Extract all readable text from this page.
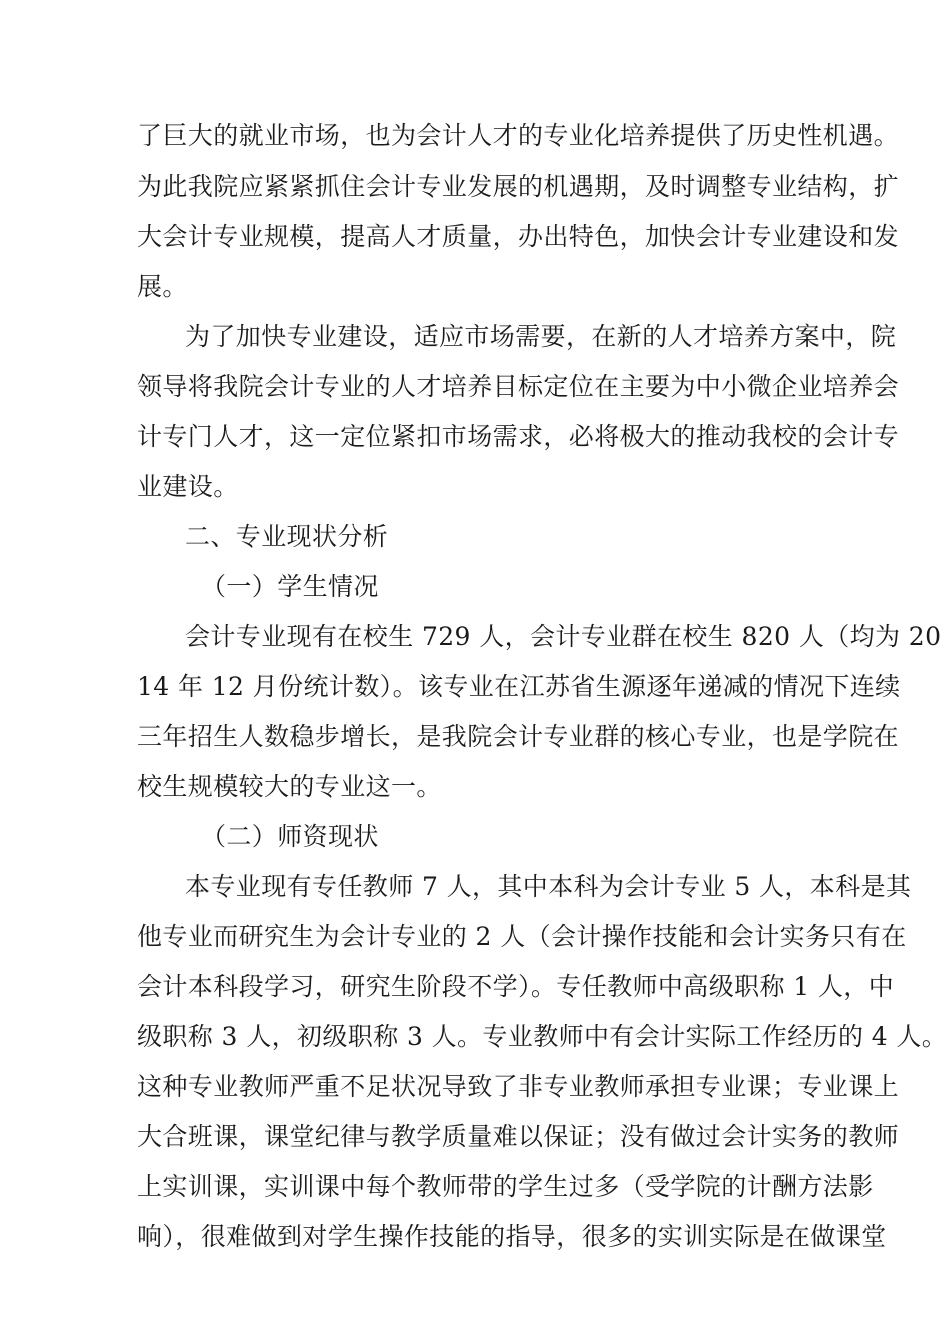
了巨大的就业市场，也为会计人才的专业化培养提供了历史性机遇。
为此我院应紧紧抓住会计专业发展的机遇期，及时调整专业结构，扩
大会计专业规模，提高人才质量，办出特色，加快会计专业建设和发
展。
为了加快专业建设，适应市场需要，在新的人才培养方案中，院
领导将我院会计专业的人才培养目标定位在主要为中小微企业培养会
计专门人才，这一定位紧扣市场需求，必将极大的推动我校的会计专
业建设。
二、专业现状分析
（一）学生情况
会计专业现有在校生 729 人，会计专业群在校生 820 人（均为 20
14 年 12 月份统计数）。该专业在江苏省生源逐年递减的情况下连续
三年招生人数稳步增长，是我院会计专业群的核心专业，也是学院在
校生规模较大的专业这一。
（二）师资现状
本专业现有专任教师 7 人，其中本科为会计专业 5 人，本科是其
他专业而研究生为会计专业的 2 人（会计操作技能和会计实务只有在
会计本科段学习，研究生阶段不学）。专任教师中高级职称 1 人，中
级职称 3 人，初级职称 3 人。专业教师中有会计实际工作经历的 4 人。
这种专业教师严重不足状况导致了非专业教师承担专业课；专业课上
大合班课，课堂纪律与教学质量难以保证；没有做过会计实务的教师
上实训课，实训课中每个教师带的学生过多（受学院的计酬方法影
响），很难做到对学生操作技能的指导，很多的实训实际是在做课堂
